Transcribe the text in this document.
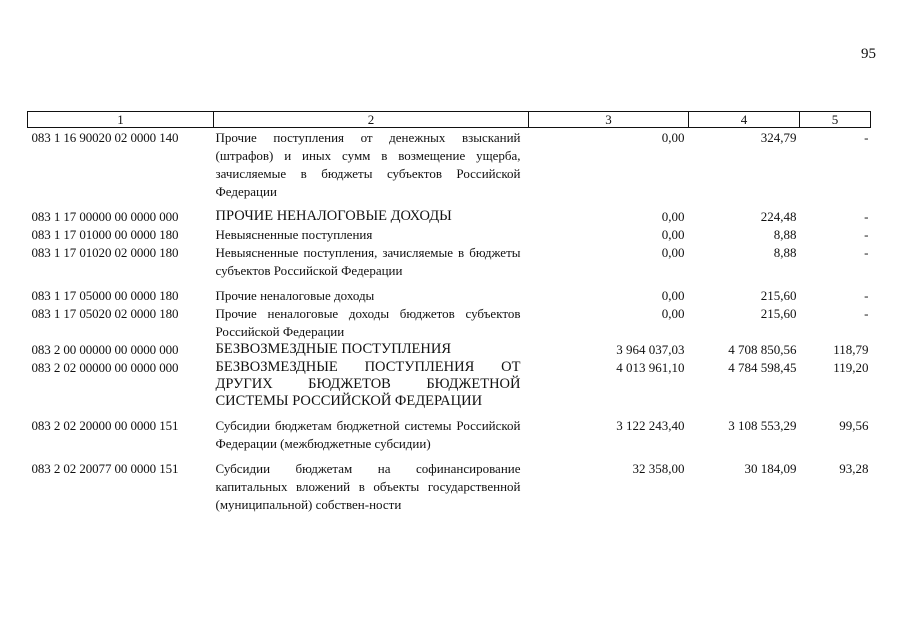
95
1	2	3	4	5
083 1 16 90020 02 0000 140	Прочие поступления от денежных взысканий (штрафов) и иных сумм в возмещение ущерба, зачисляемые в бюджеты субъектов Российской Федерации	0,00	324,79	-
083 1 17 00000 00 0000 000	ПРОЧИЕ НЕНАЛОГОВЫЕ ДОХОДЫ	0,00	224,48	-
083 1 17 01000 00 0000 180	Невыясненные поступления	0,00	8,88	-
083 1 17 01020 02 0000 180	Невыясненные поступления, зачисляемые в бюджеты субъектов Российской Федерации	0,00	8,88	-
083 1 17 05000 00 0000 180	Прочие неналоговые доходы	0,00	215,60	-
083 1 17 05020 02 0000 180	Прочие неналоговые доходы бюджетов субъектов Российской Федерации	0,00	215,60	-
083 2 00 00000 00 0000 000	БЕЗВОЗМЕЗДНЫЕ ПОСТУПЛЕНИЯ	3 964 037,03	4 708 850,56	118,79
083 2 02 00000 00 0000 000	БЕЗВОЗМЕЗДНЫЕ ПОСТУПЛЕНИЯ ОТ ДРУГИХ БЮДЖЕТОВ БЮДЖЕТНОЙ СИСТЕМЫ РОССИЙСКОЙ ФЕДЕРАЦИИ	4 013 961,10	4 784 598,45	119,20
083 2 02 20000 00 0000 151	Субсидии бюджетам бюджетной системы Российской Федерации (межбюджетные субсидии)	3 122 243,40	3 108 553,29	99,56
083 2 02 20077 00 0000 151	Субсидии бюджетам на софинансирование капитальных вложений в объекты государственной (муниципальной) собствен-ности	32 358,00	30 184,09	93,28
